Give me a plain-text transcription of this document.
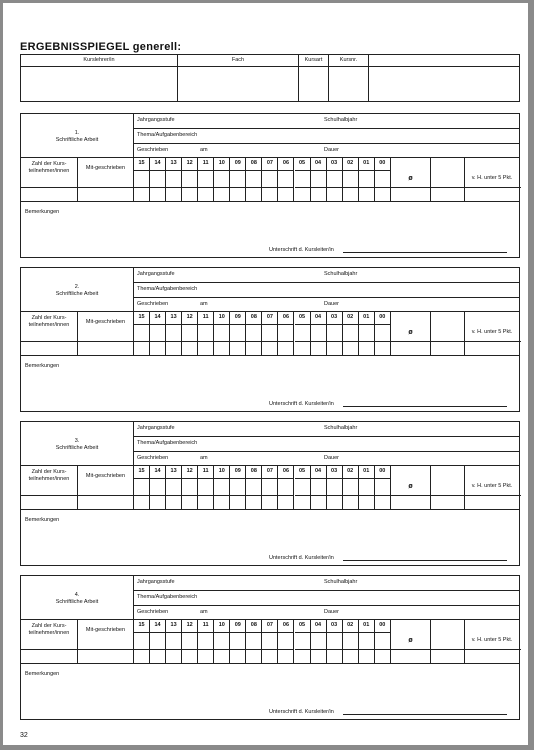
ERGEBNISSPIEGEL generell:
Kurslehrer/in	Fach	Kursart	Kursnr.
1.
Schriftliche Arbeit
Jahrgangsstufe	Schulhalbjahr
Thema/Aufgabenbereich
Geschrieben	am	Dauer
Zahl der Kurs-teilnehmer/innen	Mit-geschrieben
15	14	13	12	11	10	09	08	07	06	05	04	03	02	01	00
ø	v. H. unter 5 Pkt.
Bemerkungen
Unterschrift d. Kursleiter/in
2.
Schriftliche Arbeit
Jahrgangsstufe	Schulhalbjahr
Thema/Aufgabenbereich
Geschrieben	am	Dauer
Zahl der Kurs-teilnehmer/innen	Mit-geschrieben
15	14	13	12	11	10	09	08	07	06	05	04	03	02	01	00
ø	v. H. unter 5 Pkt.
Bemerkungen
Unterschrift d. Kursleiter/in
3.
Schriftliche Arbeit
Jahrgangsstufe	Schulhalbjahr
Thema/Aufgabenbereich
Geschrieben	am	Dauer
Zahl der Kurs-teilnehmer/innen	Mit-geschrieben
15	14	13	12	11	10	09	08	07	06	05	04	03	02	01	00
ø	v. H. unter 5 Pkt.
Bemerkungen
Unterschrift d. Kursleiter/in
4.
Schriftliche Arbeit
Jahrgangsstufe	Schulhalbjahr
Thema/Aufgabenbereich
Geschrieben	am	Dauer
Zahl der Kurs-teilnehmer/innen	Mit-geschrieben
15	14	13	12	11	10	09	08	07	06	05	04	03	02	01	00
ø	v. H. unter 5 Pkt.
Bemerkungen
Unterschrift d. Kursleiter/in
32
